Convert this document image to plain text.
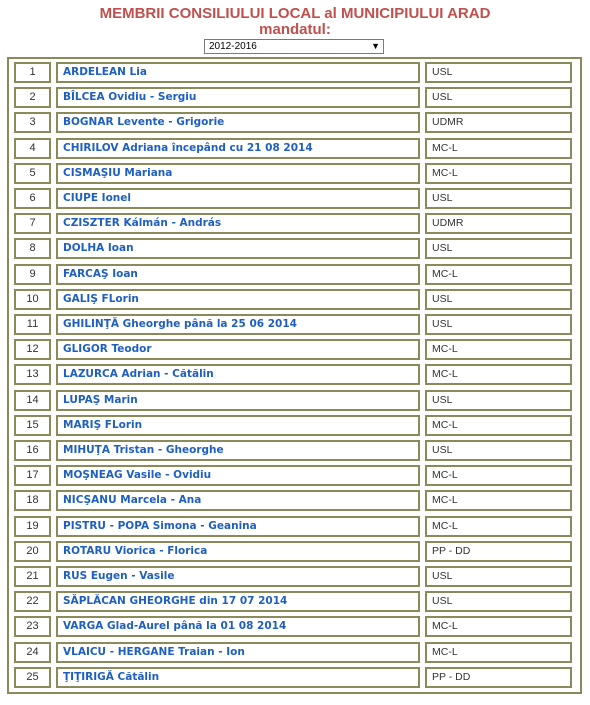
MEMBRII CONSILIULUI LOCAL al MUNICIPIULUI ARAD
mandatul:
2012-2016	▼
1	ARDELEAN Lia	USL
2	BÎLCEA Ovidiu - Sergiu	USL
3	BOGNAR Levente - Grigorie	UDMR
4	CHIRILOV Adriana începând cu 21 08 2014	MC-L
5	CISMAŞIU Mariana	MC-L
6	CIUPE Ionel	USL
7	CZISZTER Kálmán - András	UDMR
8	DOLHA Ioan	USL
9	FARCAŞ Ioan	MC-L
10	GALIŞ FLorin	USL
11	GHILINŢĂ Gheorghe până la 25 06 2014	USL
12	GLIGOR Teodor	MC-L
13	LAZURCA Adrian - Cătălin	MC-L
14	LUPAŞ Marin	USL
15	MARIŞ FLorin	MC-L
16	MIHUŢA Tristan - Gheorghe	USL
17	MOŞNEAG Vasile - Ovidiu	MC-L
18	NICŞANU Marcela - Ana	MC-L
19	PISTRU - POPA Simona - Geanina	MC-L
20	ROTARU Viorica - Florica	PP - DD
21	RUS Eugen - Vasile	USL
22	SĂPLĂCAN GHEORGHE din 17 07 2014	USL
23	VARGA Glad-Aurel până la 01 08 2014	MC-L
24	VLAICU - HERGANE Traian - Ion	MC-L
25	ŢIŢIRIGĂ Cătălin	PP - DD
